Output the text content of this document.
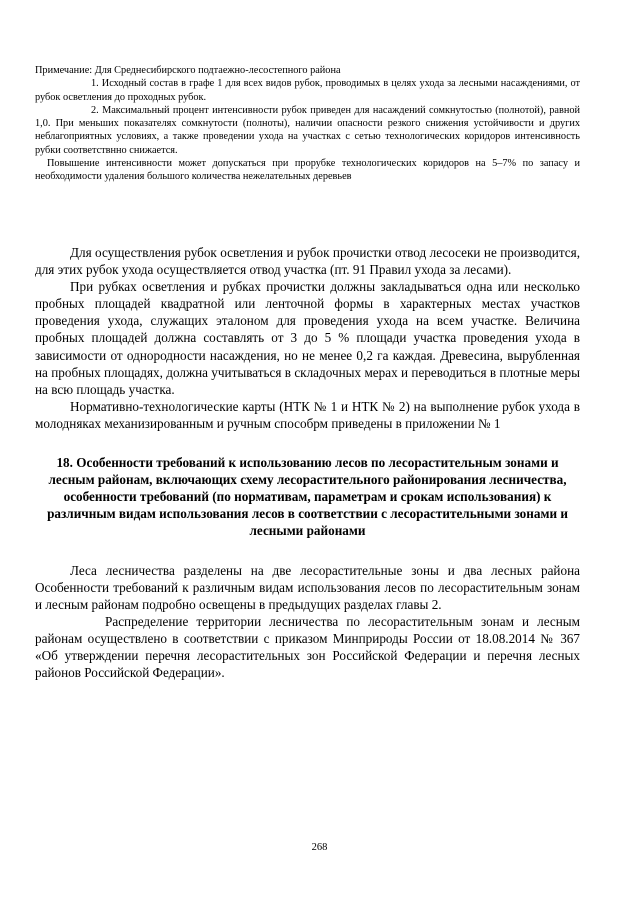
Примечание: Для Среднесибирского подтаежно-лесостепного района

1. Исходный состав в графе 1 для всех видов рубок, проводимых в целях ухода за лесными насаждениями, от рубок осветления до проходных рубок.

2. Максимальный процент интенсивности рубок приведен для насаждений сомкнутостью (полнотой), равной 1,0. При меньших показателях сомкнутости (полноты), наличии опасности резкого снижения устойчивости и других неблагоприятных условиях, а также проведении ухода на участках с сетью технологических коридоров интенсивность рубки соответствнно снижается.

Повышение интенсивности может допускаться при прорубке технологических коридоров на 5–7% по запасу и необходимости удаления большого количества нежелательных деревьев

Для осуществления рубок осветления и рубок прочистки отвод лесосеки не производится, для этих рубок ухода осуществляется отвод участка (пт. 91 Правил ухода за лесами).

При рубках осветления и рубках прочистки должны закладываться одна или несколько пробных площадей квадратной или ленточной формы в характерных местах участков проведения ухода, служащих эталоном для проведения ухода на всем участке. Величина пробных площадей должна составлять от 3 до 5 % площади участка проведения ухода в зависимости от однородности насаждения, но не менее 0,2 га каждая. Древесина, вырубленная на пробных площадях, должна учитываться в складочных мерах и переводиться в плотные меры на всю площадь участка.

Нормативно-технологические карты (НТК № 1 и НТК № 2) на выполнение рубок ухода в молодняках механизированным и ручным способрм приведены в приложении № 1

18. Особенности требований к использованию лесов по лесорастительным зонами и лесным районам, включающих схему лесорастительного районирования лесничества, особенности требований (по нормативам, параметрам и срокам использования) к различным видам использования лесов в соответствии с лесорастительными зонами и лесными районами

Леса лесничества разделены на две лесорастительные зоны и два лесных района Особенности требований к различным видам использования лесов по лесорастительным зонам и лесным районам подробно освещены в предыдущих разделах главы 2.

Распределение территории лесничества по лесорастительным зонам и лесным районам осуществлено в соответствии с приказом Минприроды России от 18.08.2014 № 367 «Об утверждении перечня лесорастительных зон Российской Федерации и перечня лесных районов Российской Федерации».

268
